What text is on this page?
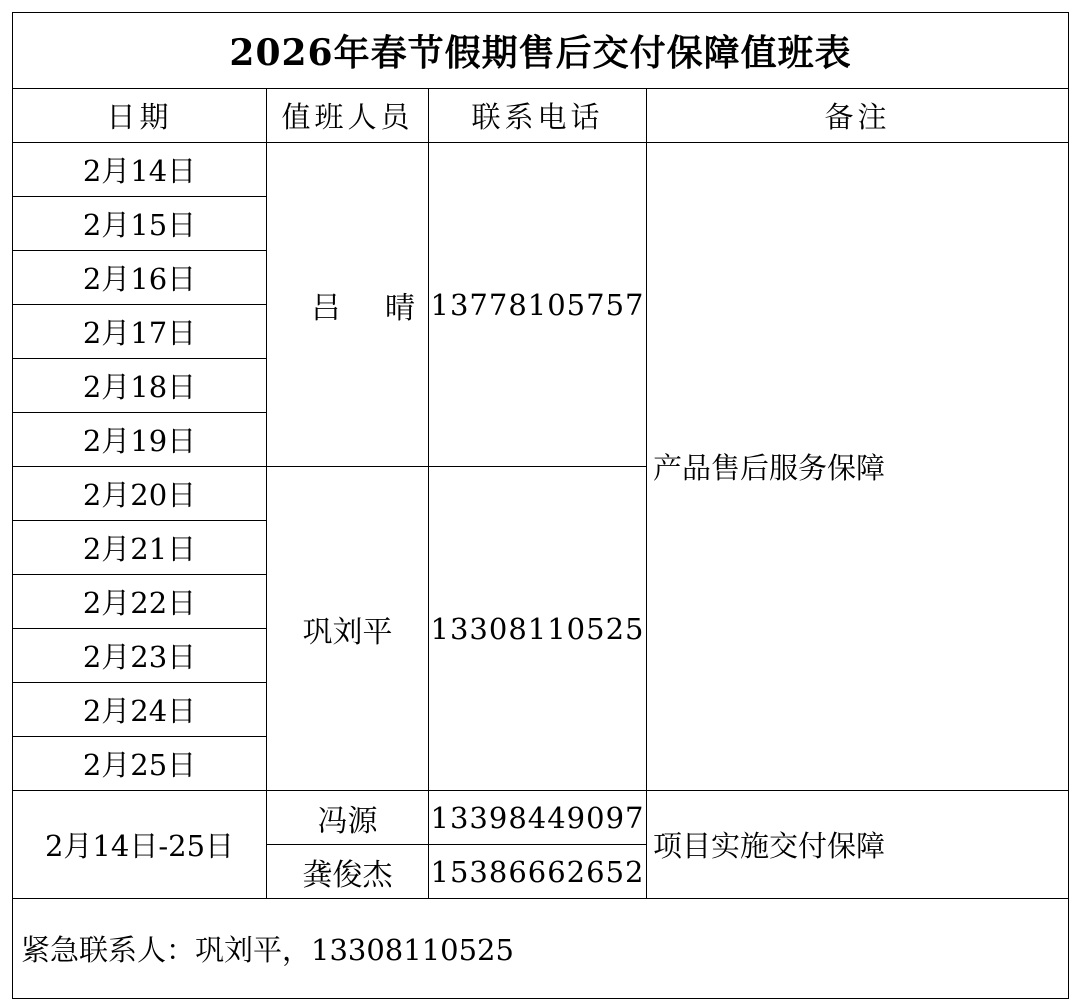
2026年春节假期售后交付保障值班表			
日期	值班人员	联系电话	备注
2月14日	吕晴	13778105757	产品售后服务保障
2月15日			
2月16日			
2月17日			
2月18日			
2月19日			
2月20日	巩刘平	13308110525	
2月21日			
2月22日			
2月23日			
2月24日			
2月25日			
2月14日-25日	冯源	13398449097	项目实施交付保障
	龚俊杰	15386662652	
紧急联系人：巩刘平，13308110525			
